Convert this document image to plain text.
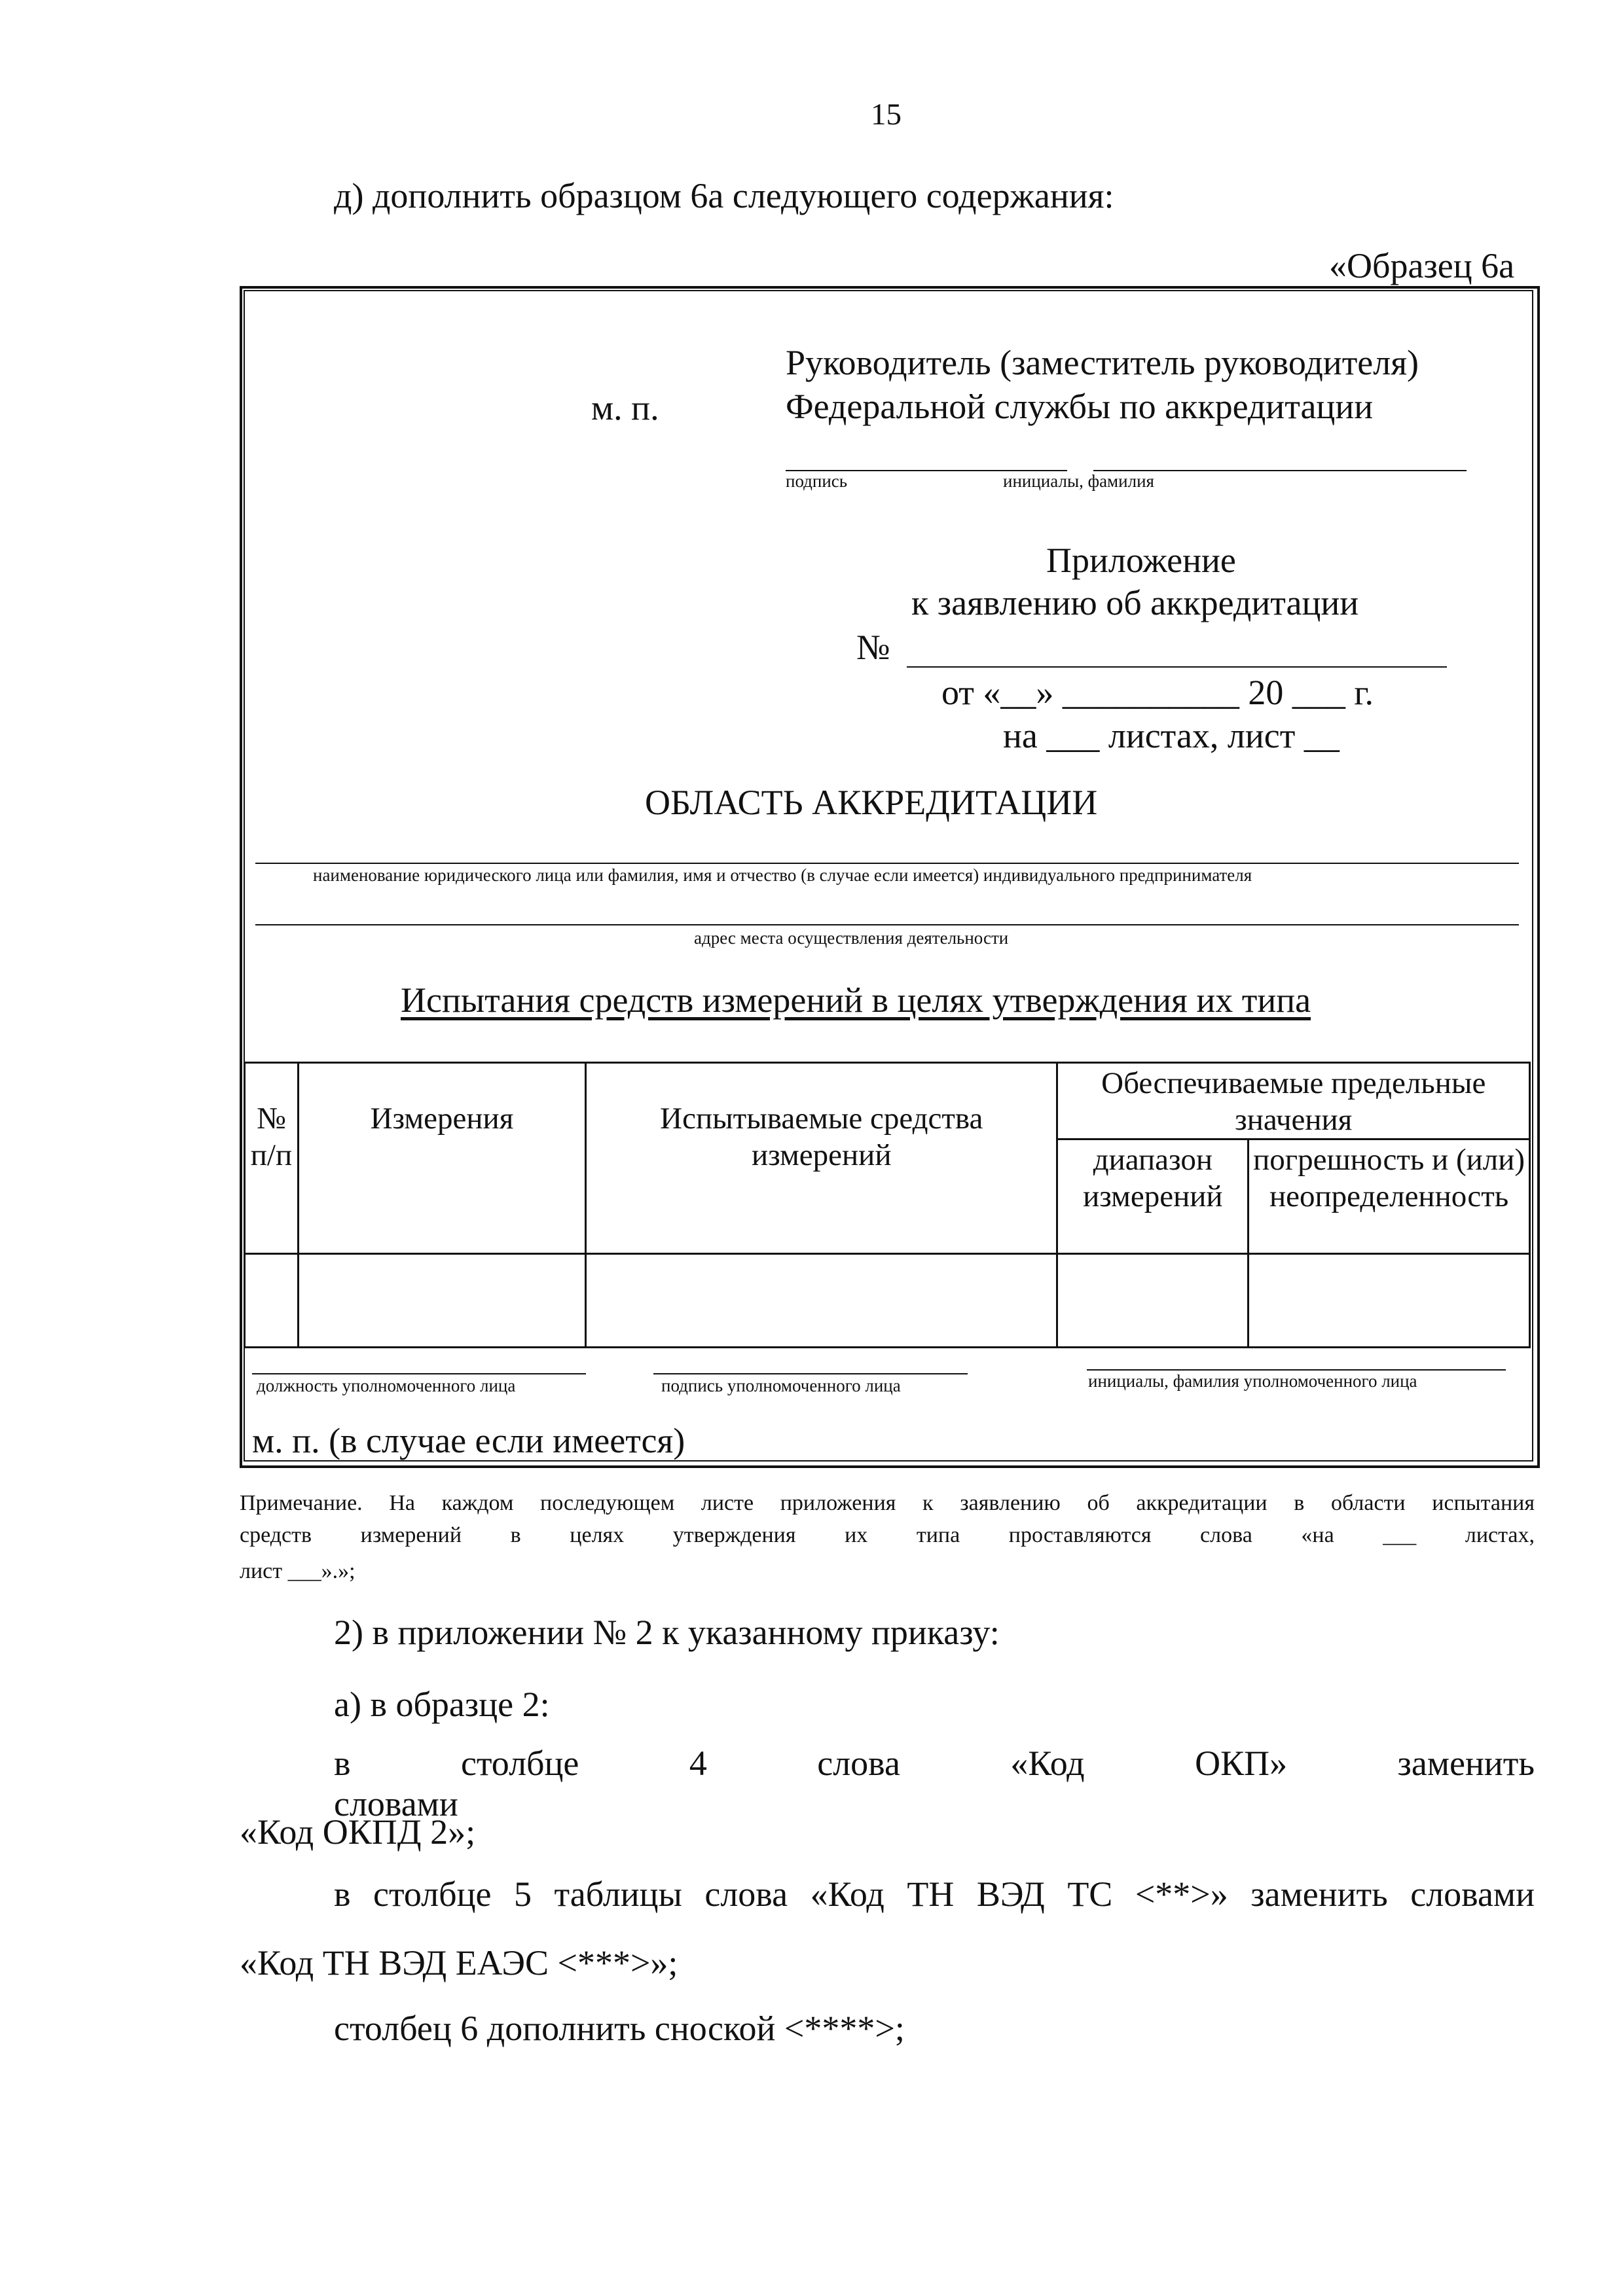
15
д) дополнить образцом 6а следующего содержания:
«Образец 6а
м. п.
Руководитель (заместитель руководителя)
Федеральной службы по аккредитации
подпись	инициалы, фамилия
Приложение
к заявлению об аккредитации
№
от «__» __________ 20 ___ г.
на ___ листах, лист __
ОБЛАСТЬ АККРЕДИТАЦИИ
наименование юридического лица или фамилия, имя и отчество (в случае если имеется) индивидуального предпринимателя
адрес места осуществления деятельности
Испытания средств измерений в целях утверждения их типа
№ п/п	Измерения	Испытываемые средства измерений	Обеспечиваемые предельные значения	
			диапазон измерений	погрешность и (или) неопределенность

должность уполномоченного лица	подпись уполномоченного лица	инициалы, фамилия уполномоченного лица
м. п. (в случае если имеется)
Примечание. На каждом последующем листе приложения к заявлению об аккредитации в области испытания
средств измерений в целях утверждения их типа проставляются слова «на ___ листах,
лист ___».»;
2) в приложении № 2 к указанному приказу:
а) в образце 2:
в столбце 4 слова «Код ОКП» заменить словами
«Код ОКПД 2»;
в столбце 5 таблицы слова «Код ТН ВЭД ТС <**>» заменить словами
«Код ТН ВЭД ЕАЭС <***>»;
столбец 6 дополнить сноской <****>;
